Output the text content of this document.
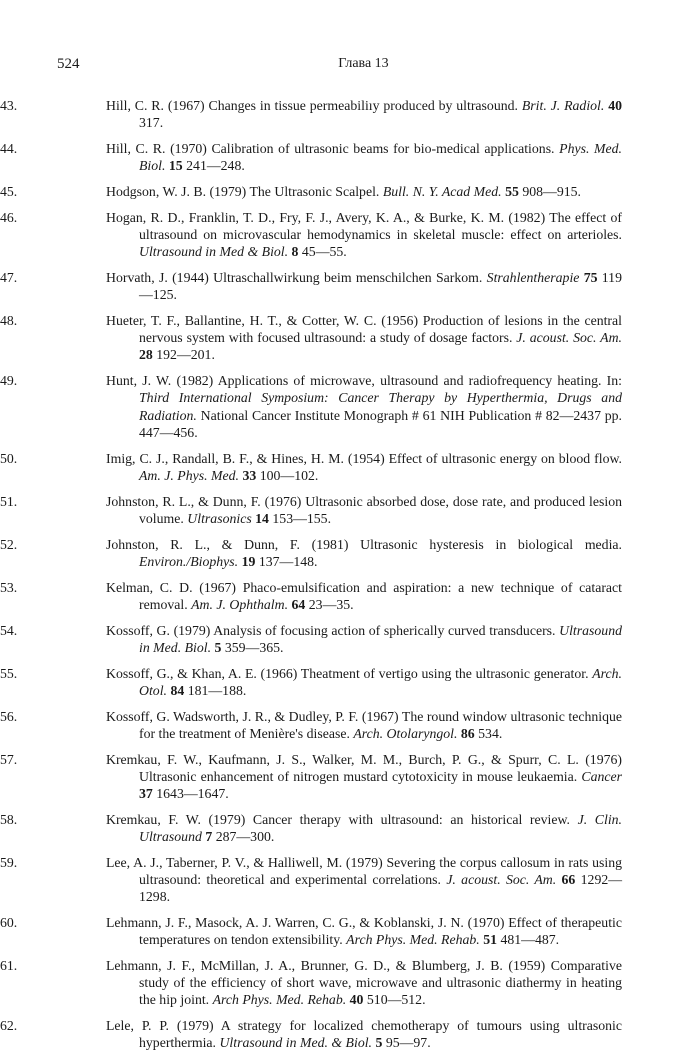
524	Глава 13
43.	Hill, C. R. (1967) Changes in tissue permeabiliıy produced by ultrasound. Brit. J. Radiol. 40 317.
44.	Hill, C. R. (1970) Calibration of ultrasonic beams for bio-medical applications. Phys. Med. Biol. 15 241—248.
45.	Hodgson, W. J. B. (1979) The Ultrasonic Scalpel. Bull. N. Y. Acad Med. 55 908—915.
46.	Hogan, R. D., Franklin, T. D., Fry, F. J., Avery, K. A., & Burke, K. M. (1982) The effect of ultrasound on microvascular hemodynamics in skeletal muscle: effect on arterioles. Ultrasound in Med & Biol. 8 45—55.
47.	Horvath, J. (1944) Ultraschallwirkung beim menschilchen Sarkom. Strahlentherapie 75 119—125.
48.	Hueter, T. F., Ballantine, H. T., & Cotter, W. C. (1956) Production of lesions in the central nervous system with focused ultrasound: a study of dosage factors. J. acoust. Soc. Am. 28 192—201.
49.	Hunt, J. W. (1982) Applications of microwave, ultrasound and radiofrequency heating. In: Third International Symposium: Cancer Therapy by Hyperthermia, Drugs and Radiation. National Cancer Institute Monograph # 61 NIH Publication # 82—2437 pp. 447—456.
50.	Imig, C. J., Randall, B. F., & Hines, H. M. (1954) Effect of ultrasonic energy on blood flow. Am. J. Phys. Med. 33 100—102.
51.	Johnston, R. L., & Dunn, F. (1976) Ultrasonic absorbed dose, dose rate, and produced lesion volume. Ultrasonics 14 153—155.
52.	Johnston, R. L., & Dunn, F. (1981) Ultrasonic hysteresis in biological media. Environ./Biophys. 19 137—148.
53.	Kelman, C. D. (1967) Phaco-emulsification and aspiration: a new technique of cataract removal. Am. J. Ophthalm. 64 23—35.
54.	Kossoff, G. (1979) Analysis of focusing action of spherically curved transducers. Ultrasound in Med. Biol. 5 359—365.
55.	Kossoff, G., & Khan, A. E. (1966) Theatment of vertigo using the ultrasonic generator. Arch. Otol. 84 181—188.
56.	Kossoff, G. Wadsworth, J. R., & Dudley, P. F. (1967) The round window ultrasonic technique for the treatment of Menière's disease. Arch. Otolaryngol. 86 534.
57.	Kremkau, F. W., Kaufmann, J. S., Walker, M. M., Burch, P. G., & Spurr, C. L. (1976) Ultrasonic enhancement of nitrogen mustard cytotoxicity in mouse leukaemia. Cancer 37 1643—1647.
58.	Kremkau, F. W. (1979) Cancer therapy with ultrasound: an historical review. J. Clin. Ultrasound 7 287—300.
59.	Lee, A. J., Taberner, P. V., & Halliwell, M. (1979) Severing the corpus callosum in rats using ultrasound: theoretical and experimental correlations. J. acoust. Soc. Am. 66 1292—1298.
60.	Lehmann, J. F., Masock, A. J. Warren, C. G., & Koblanski, J. N. (1970) Effect of therapeutic temperatures on tendon extensibility. Arch Phys. Med. Rehab. 51 481—487.
61.	Lehmann, J. F., McMillan, J. A., Brunner, G. D., & Blumberg, J. B. (1959) Comparative study of the efficiency of short wave, microwave and ultrasonic diathermy in heating the hip joint. Arch Phys. Med. Rehab. 40 510—512.
62.	Lele, P. P. (1979) A strategy for localized chemotherapy of tumours using ultrasonic hyperthermia. Ultrasound in Med. & Biol. 5 95—97.
